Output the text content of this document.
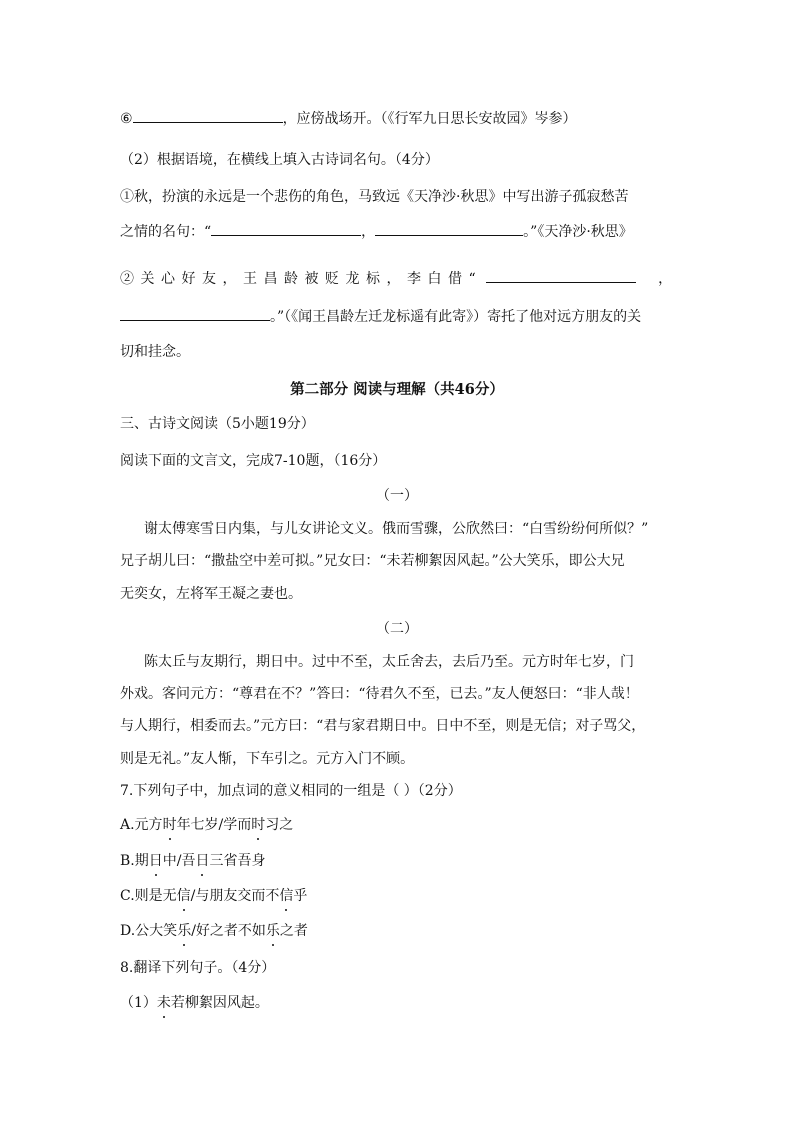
⑥	，应傍战场开。（《行军九日思长安故园》岑参）
（2）根据语境，在横线上填入古诗词名句。（4分）
①秋，扮演的永远是一个悲伤的角色，马致远《天净沙·秋思》中写出游子孤寂愁苦
之情的名句：“	，	。”《天净沙·秋思》
②关心好友，王昌龄被贬龙标，李白借“	，
。”（《闻王昌龄左迁龙标遥有此寄》）寄托了他对远方朋友的关
切和挂念。
第二部分 阅读与理解（共46分）
三、古诗文阅读（5小题19分）
阅读下面的文言文，完成7-10题，（16分）
（一）
谢太傅寒雪日内集，与儿女讲论文义。俄而雪骤，公欣然曰：“白雪纷纷何所似？”
兄子胡儿曰：“撒盐空中差可拟。”兄女曰：“未若柳絮因风起。”公大笑乐，即公大兄
无奕女，左将军王凝之妻也。
（二）
陈太丘与友期行，期日中。过中不至，太丘舍去，去后乃至。元方时年七岁，门
外戏。客问元方：“尊君在不？”答曰：“待君久不至，已去。”友人便怒曰：“非人哉！
与人期行，相委而去。”元方曰：“君与家君期日中。日中不至，则是无信；对子骂父，
则是无礼。”友人惭，下车引之。元方入门不顾。
7.下列句子中，加点词的意义相同的一组是（ ）（2分）
A.元方时年七岁/学而时习之
B.期日中/吾日三省吾身
C.则是无信/与朋友交而不信乎
D.公大笑乐/好之者不如乐之者
8.翻译下列句子。（4分）
（1）未若柳絮因风起。
